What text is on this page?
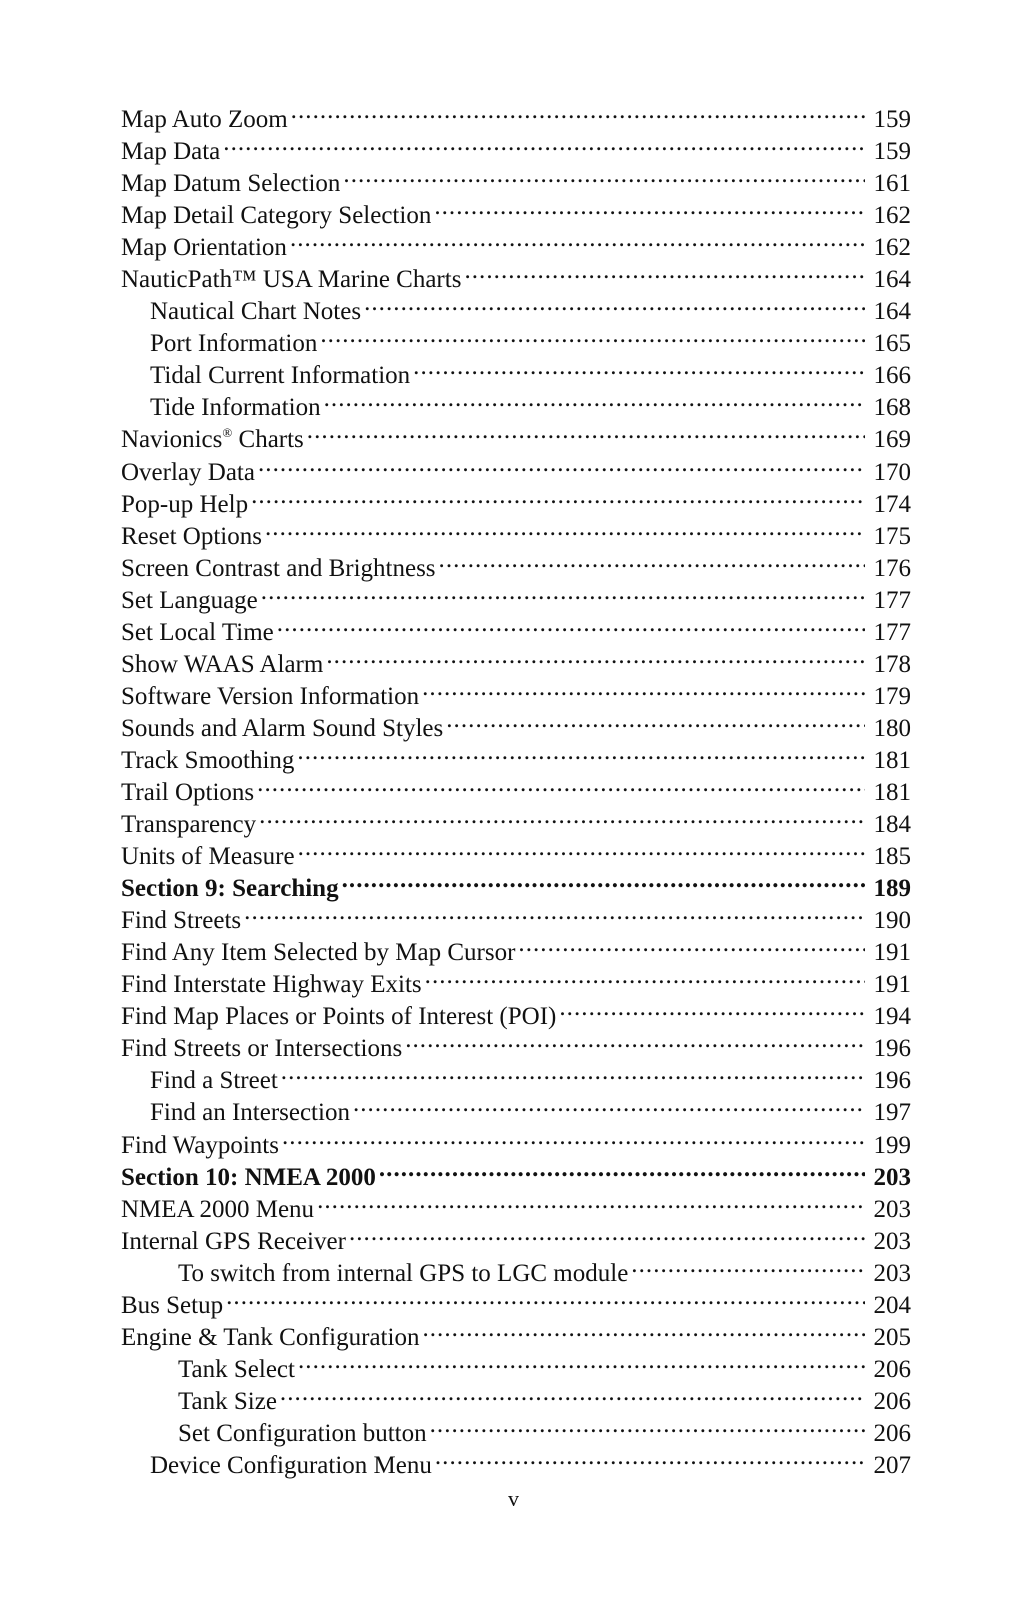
Map Auto Zoom . . .	159
Map Data . . .	159
Map Datum Selection . . .	161
Map Detail Category Selection . . .	162
Map Orientation . . .	162
NauticPath™ USA Marine Charts . . .	164
Nautical Chart Notes . . .	164
Port Information . . .	165
Tidal Current Information . . .	166
Tide Information . . .	168
Navionics® Charts . . .	169
Overlay Data . . .	170
Pop-up Help . . .	174
Reset Options . . .	175
Screen Contrast and Brightness . . .	176
Set Language . . .	177
Set Local Time . . .	177
Show WAAS Alarm . . .	178
Software Version Information . . .	179
Sounds and Alarm Sound Styles . . .	180
Track Smoothing . . .	181
Trail Options . . .	181
Transparency . . .	184
Units of Measure . . .	185
Section 9: Searching . . .	189
Find Streets . . .	190
Find Any Item Selected by Map Cursor . . .	191
Find Interstate Highway Exits . . .	191
Find Map Places or Points of Interest (POI) . . .	194
Find Streets or Intersections . . .	196
Find a Street . . .	196
Find an Intersection . . .	197
Find Waypoints . . .	199
Section 10: NMEA 2000 . . .	203
NMEA 2000 Menu . . .	203
Internal GPS Receiver . . .	203
To switch from internal GPS to LGC module . . .	203
Bus Setup . . .	204
Engine & Tank Configuration . . .	205
Tank Select . . .	206
Tank Size . . .	206
Set Configuration button . . .	206
Device Configuration Menu . . .	207
v
